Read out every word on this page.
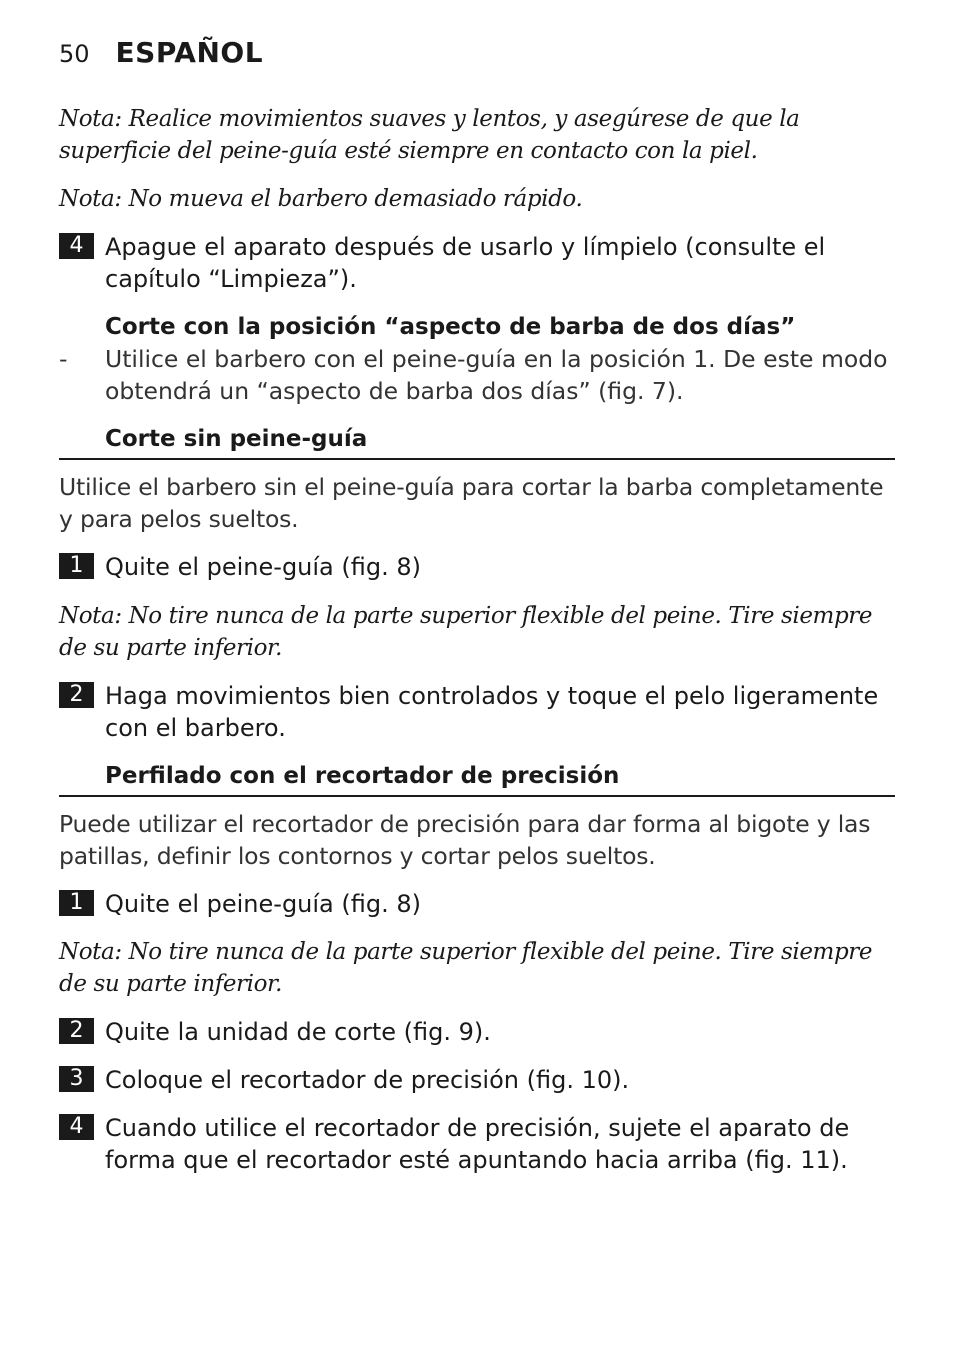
50 ESPAÑOL
Nota: Realice movimientos suaves y lentos, y asegúrese de que la superficie del peine-guía esté siempre en contacto con la piel.
Nota: No mueva el barbero demasiado rápido.
4 Apague el aparato después de usarlo y límpielo (consulte el capítulo “Limpieza”).
Corte con la posición “aspecto de barba de dos días”
-	Utilice el barbero con el peine-guía en la posición 1. De este modo obtendrá un “aspecto de barba dos días” (fig. 7).
Corte sin peine-guía
Utilice el barbero sin el peine-guía para cortar la barba completamente y para pelos sueltos.
1 Quite el peine-guía (fig. 8)
Nota: No tire nunca de la parte superior flexible del peine. Tire siempre de su parte inferior.
2 Haga movimientos bien controlados y toque el pelo ligeramente con el barbero.
Perfilado con el recortador de precisión
Puede utilizar el recortador de precisión para dar forma al bigote y las patillas, definir los contornos y cortar pelos sueltos.
1 Quite el peine-guía (fig. 8)
Nota: No tire nunca de la parte superior flexible del peine. Tire siempre de su parte inferior.
2 Quite la unidad de corte (fig. 9).
3 Coloque el recortador de precisión (fig. 10).
4 Cuando utilice el recortador de precisión, sujete el aparato de forma que el recortador esté apuntando hacia arriba (fig. 11).
